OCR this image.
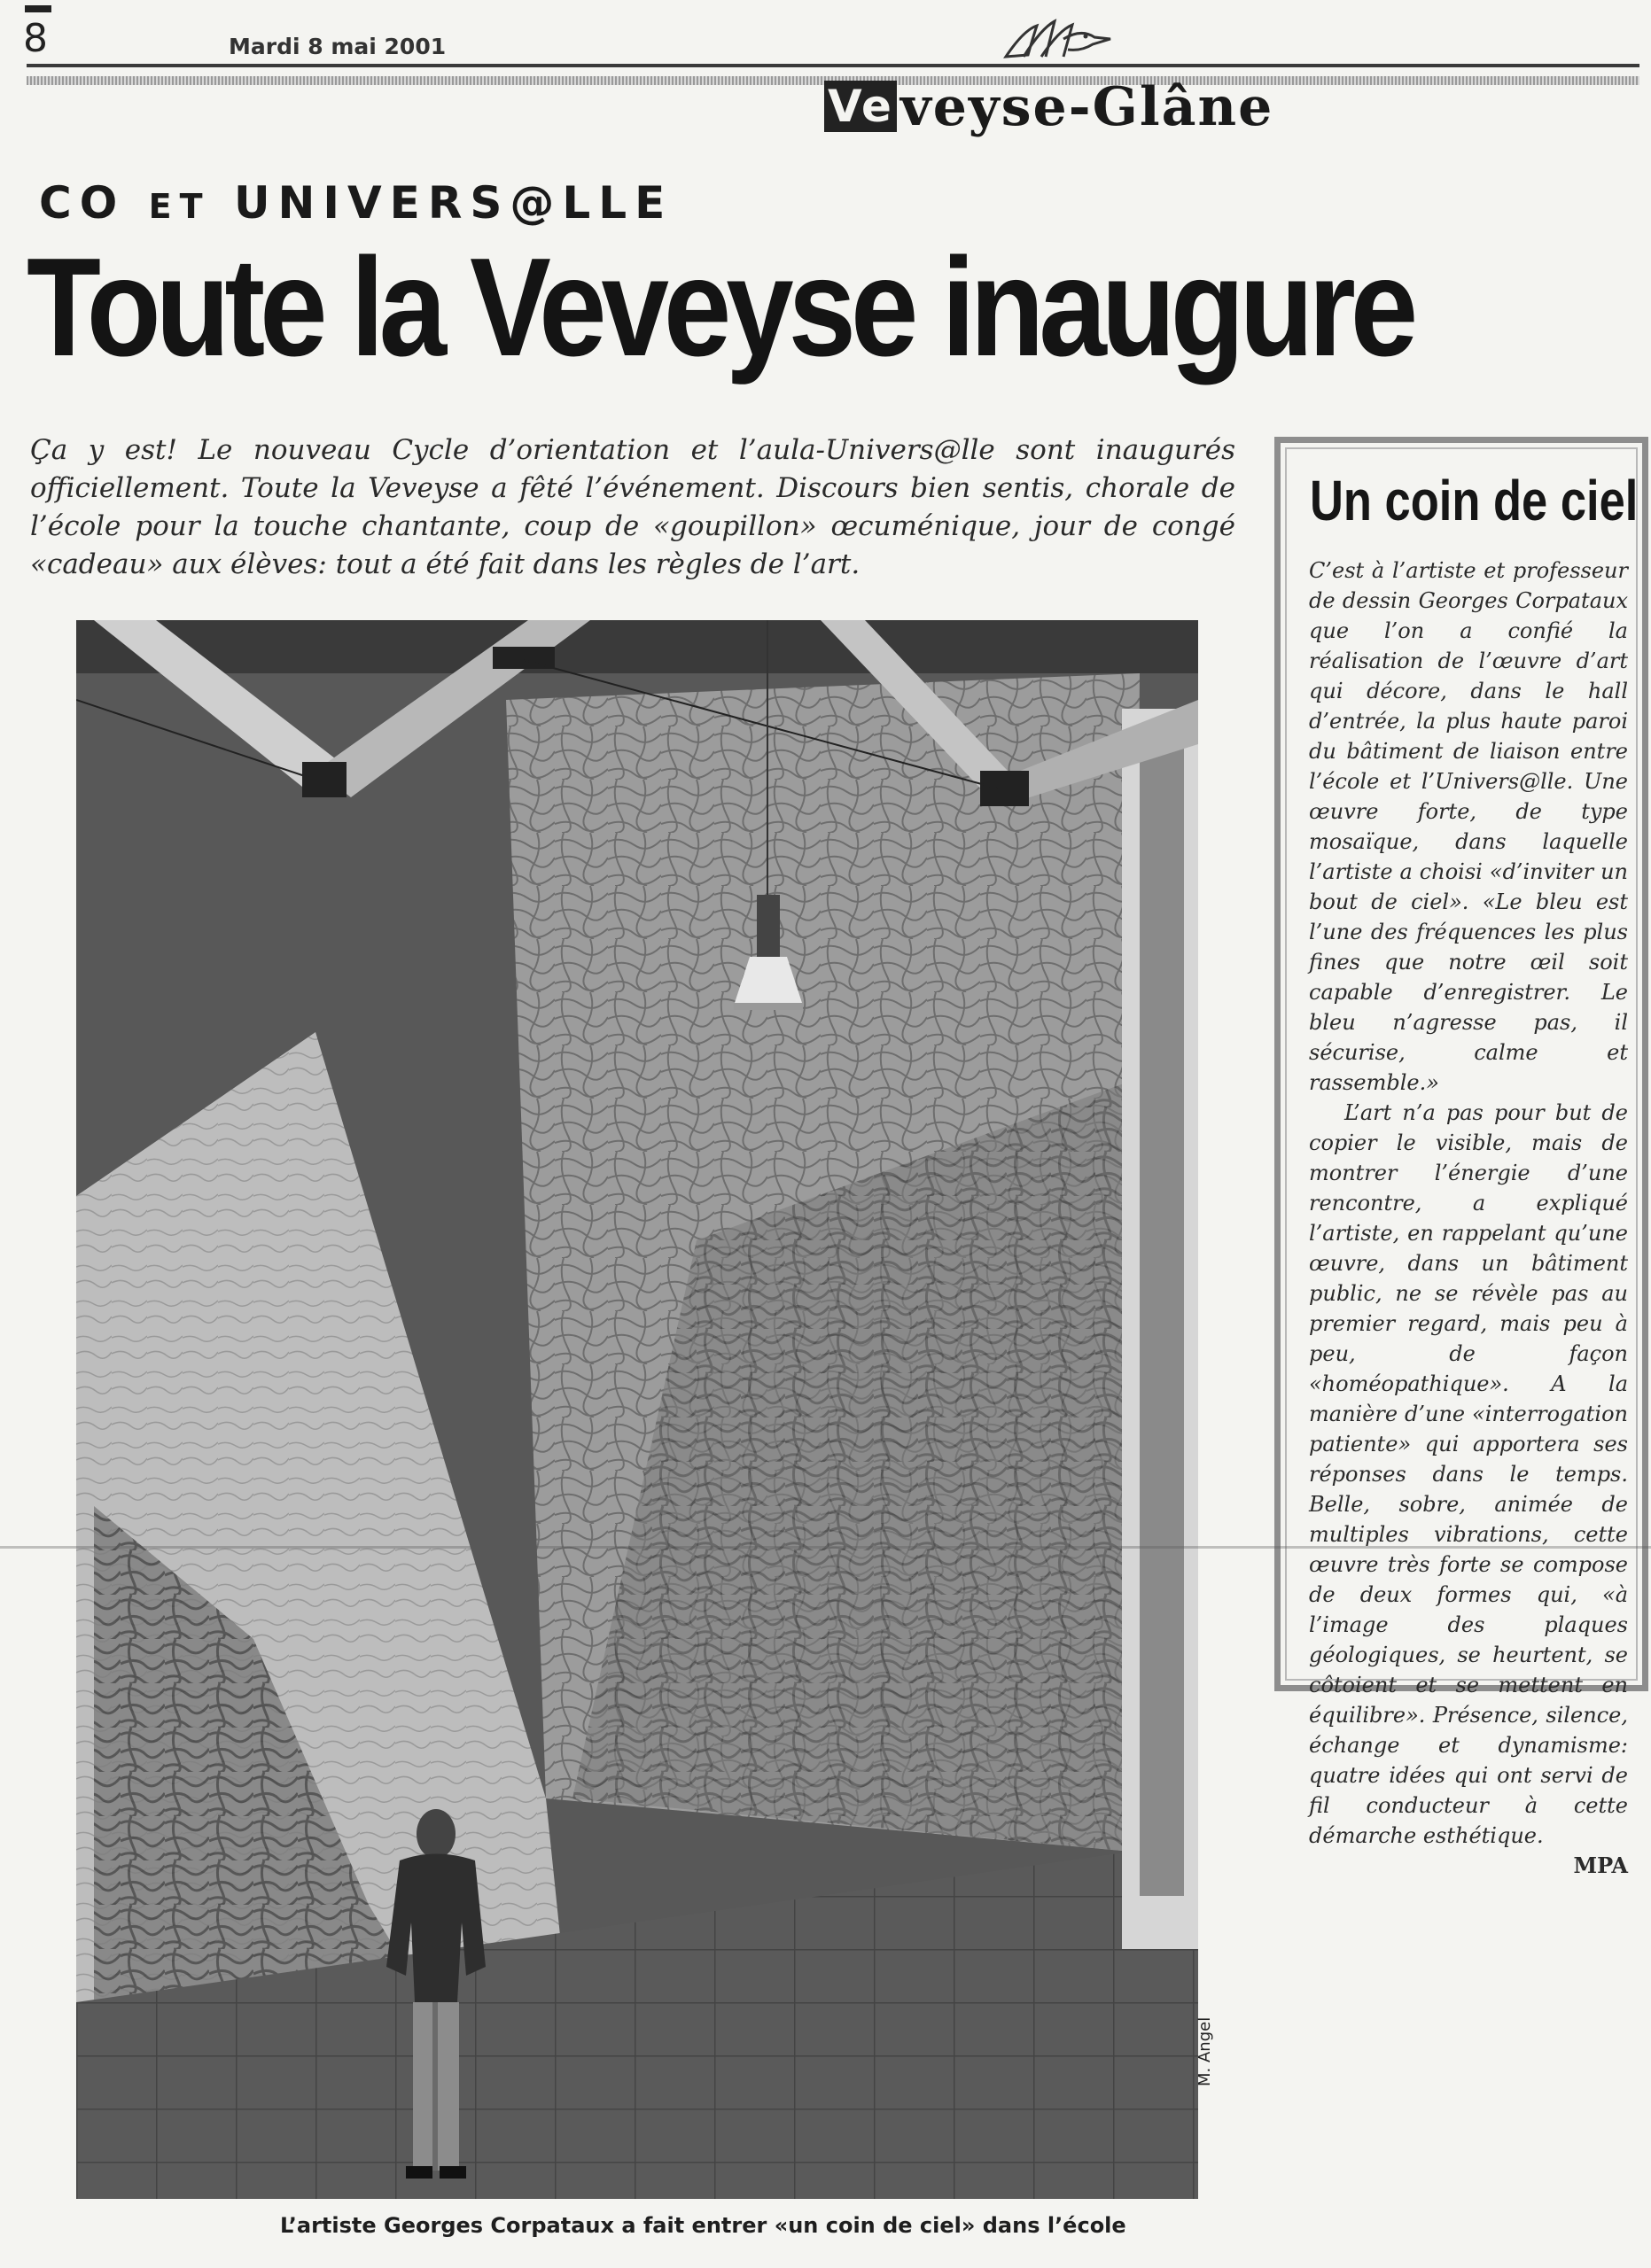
8	Mardi 8 mai 2001
Ve veyse-Glâne
CO ET UNIVERS@LLE
Toute la Veveyse inaugure
Ça y est! Le nouveau Cycle d’orientation et l’aula-Univers@lle sont inaugurés officiellement. Toute la Veveyse a fêté l’événement. Discours bien sentis, chorale de l’école pour la touche chantante, coup de «goupillon» œcuménique, jour de congé «cadeau» aux élèves: tout a été fait dans les règles de l’art.
M. Angel
L’artiste Georges Corpataux a fait entrer «un coin de ciel» dans l’école
Un coin de ciel

C’est à l’artiste et professeur de dessin Georges Corpataux que l’on a confié la réalisation de l’œuvre d’art qui décore, dans le hall d’entrée, la plus haute paroi du bâtiment de liaison entre l’école et l’Univers@lle. Une œuvre forte, de type mosaïque, dans laquelle l’artiste a choisi «d’inviter un bout de ciel». «Le bleu est l’une des fréquences les plus fines que notre œil soit capable d’enregistrer. Le bleu n’agresse pas, il sécurise, calme et rassemble.»

L’art n’a pas pour but de copier le visible, mais de montrer l’énergie d’une rencontre, a expliqué l’artiste, en rappelant qu’une œuvre, dans un bâtiment public, ne se révèle pas au premier regard, mais peu à peu, de façon «homéopathique». A la manière d’une «interrogation patiente» qui apportera ses réponses dans le temps. Belle, sobre, animée de multiples vibrations, cette œuvre très forte se compose de deux formes qui, «à l’image des plaques géologiques, se heurtent, se côtoient et se mettent en équilibre». Présence, silence, échange et dynamisme: quatre idées qui ont servi de fil conducteur à cette démarche esthétique.
MPA
